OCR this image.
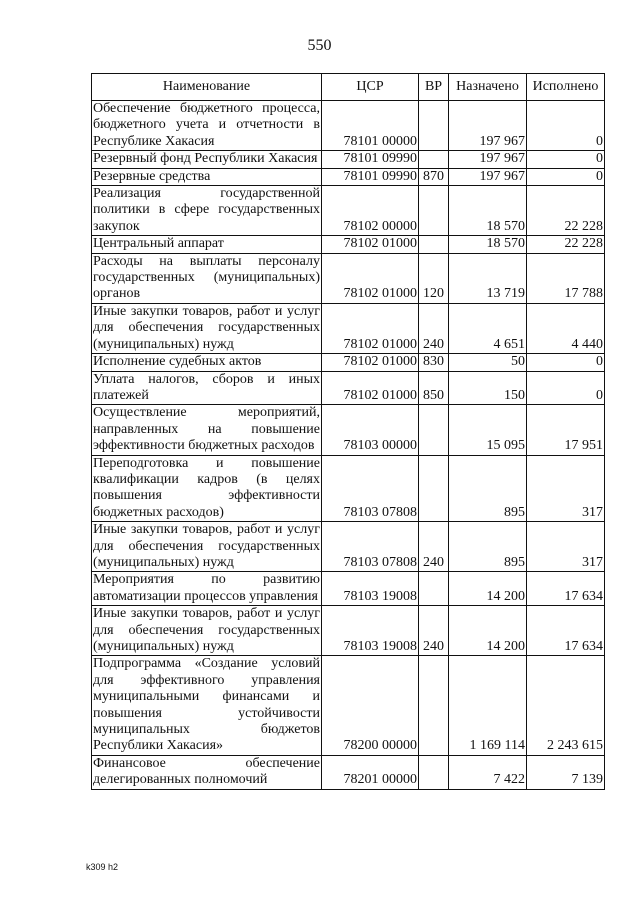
550
Наименование	ЦСР	ВР	Назначено	Исполнено
Обеспечение бюджетного процесса, бюджетного учета и отчетности в Республике Хакасия	78101 00000		197 967	0
Резервный фонд Республики Хакасия	78101 09990		197 967	0
Резервные средства	78101 09990	870	197 967	0
Реализация государственной политики в сфере государственных закупок	78102 00000		18 570	22 228
Центральный аппарат	78102 01000		18 570	22 228
Расходы на выплаты персоналу государственных (муниципальных) органов	78102 01000	120	13 719	17 788
Иные закупки товаров, работ и услуг для обеспечения государственных (муниципальных) нужд	78102 01000	240	4 651	4 440
Исполнение судебных актов	78102 01000	830	50	0
Уплата налогов, сборов и иных платежей	78102 01000	850	150	0
Осуществление мероприятий, направленных на повышение эффективности бюджетных расходов	78103 00000		15 095	17 951
Переподготовка и повышение квалификации кадров (в целях повышения эффективности бюджетных расходов)	78103 07808		895	317
Иные закупки товаров, работ и услуг для обеспечения государственных (муниципальных) нужд	78103 07808	240	895	317
Мероприятия по развитию автоматизации процессов управления	78103 19008		14 200	17 634
Иные закупки товаров, работ и услуг для обеспечения государственных (муниципальных) нужд	78103 19008	240	14 200	17 634
Подпрограмма «Создание условий для эффективного управления муниципальными финансами и повышения устойчивости муниципальных бюджетов Республики Хакасия»	78200 00000		1 169 114	2 243 615
Финансовое обеспечение делегированных полномочий	78201 00000		7 422	7 139
k309 h2
